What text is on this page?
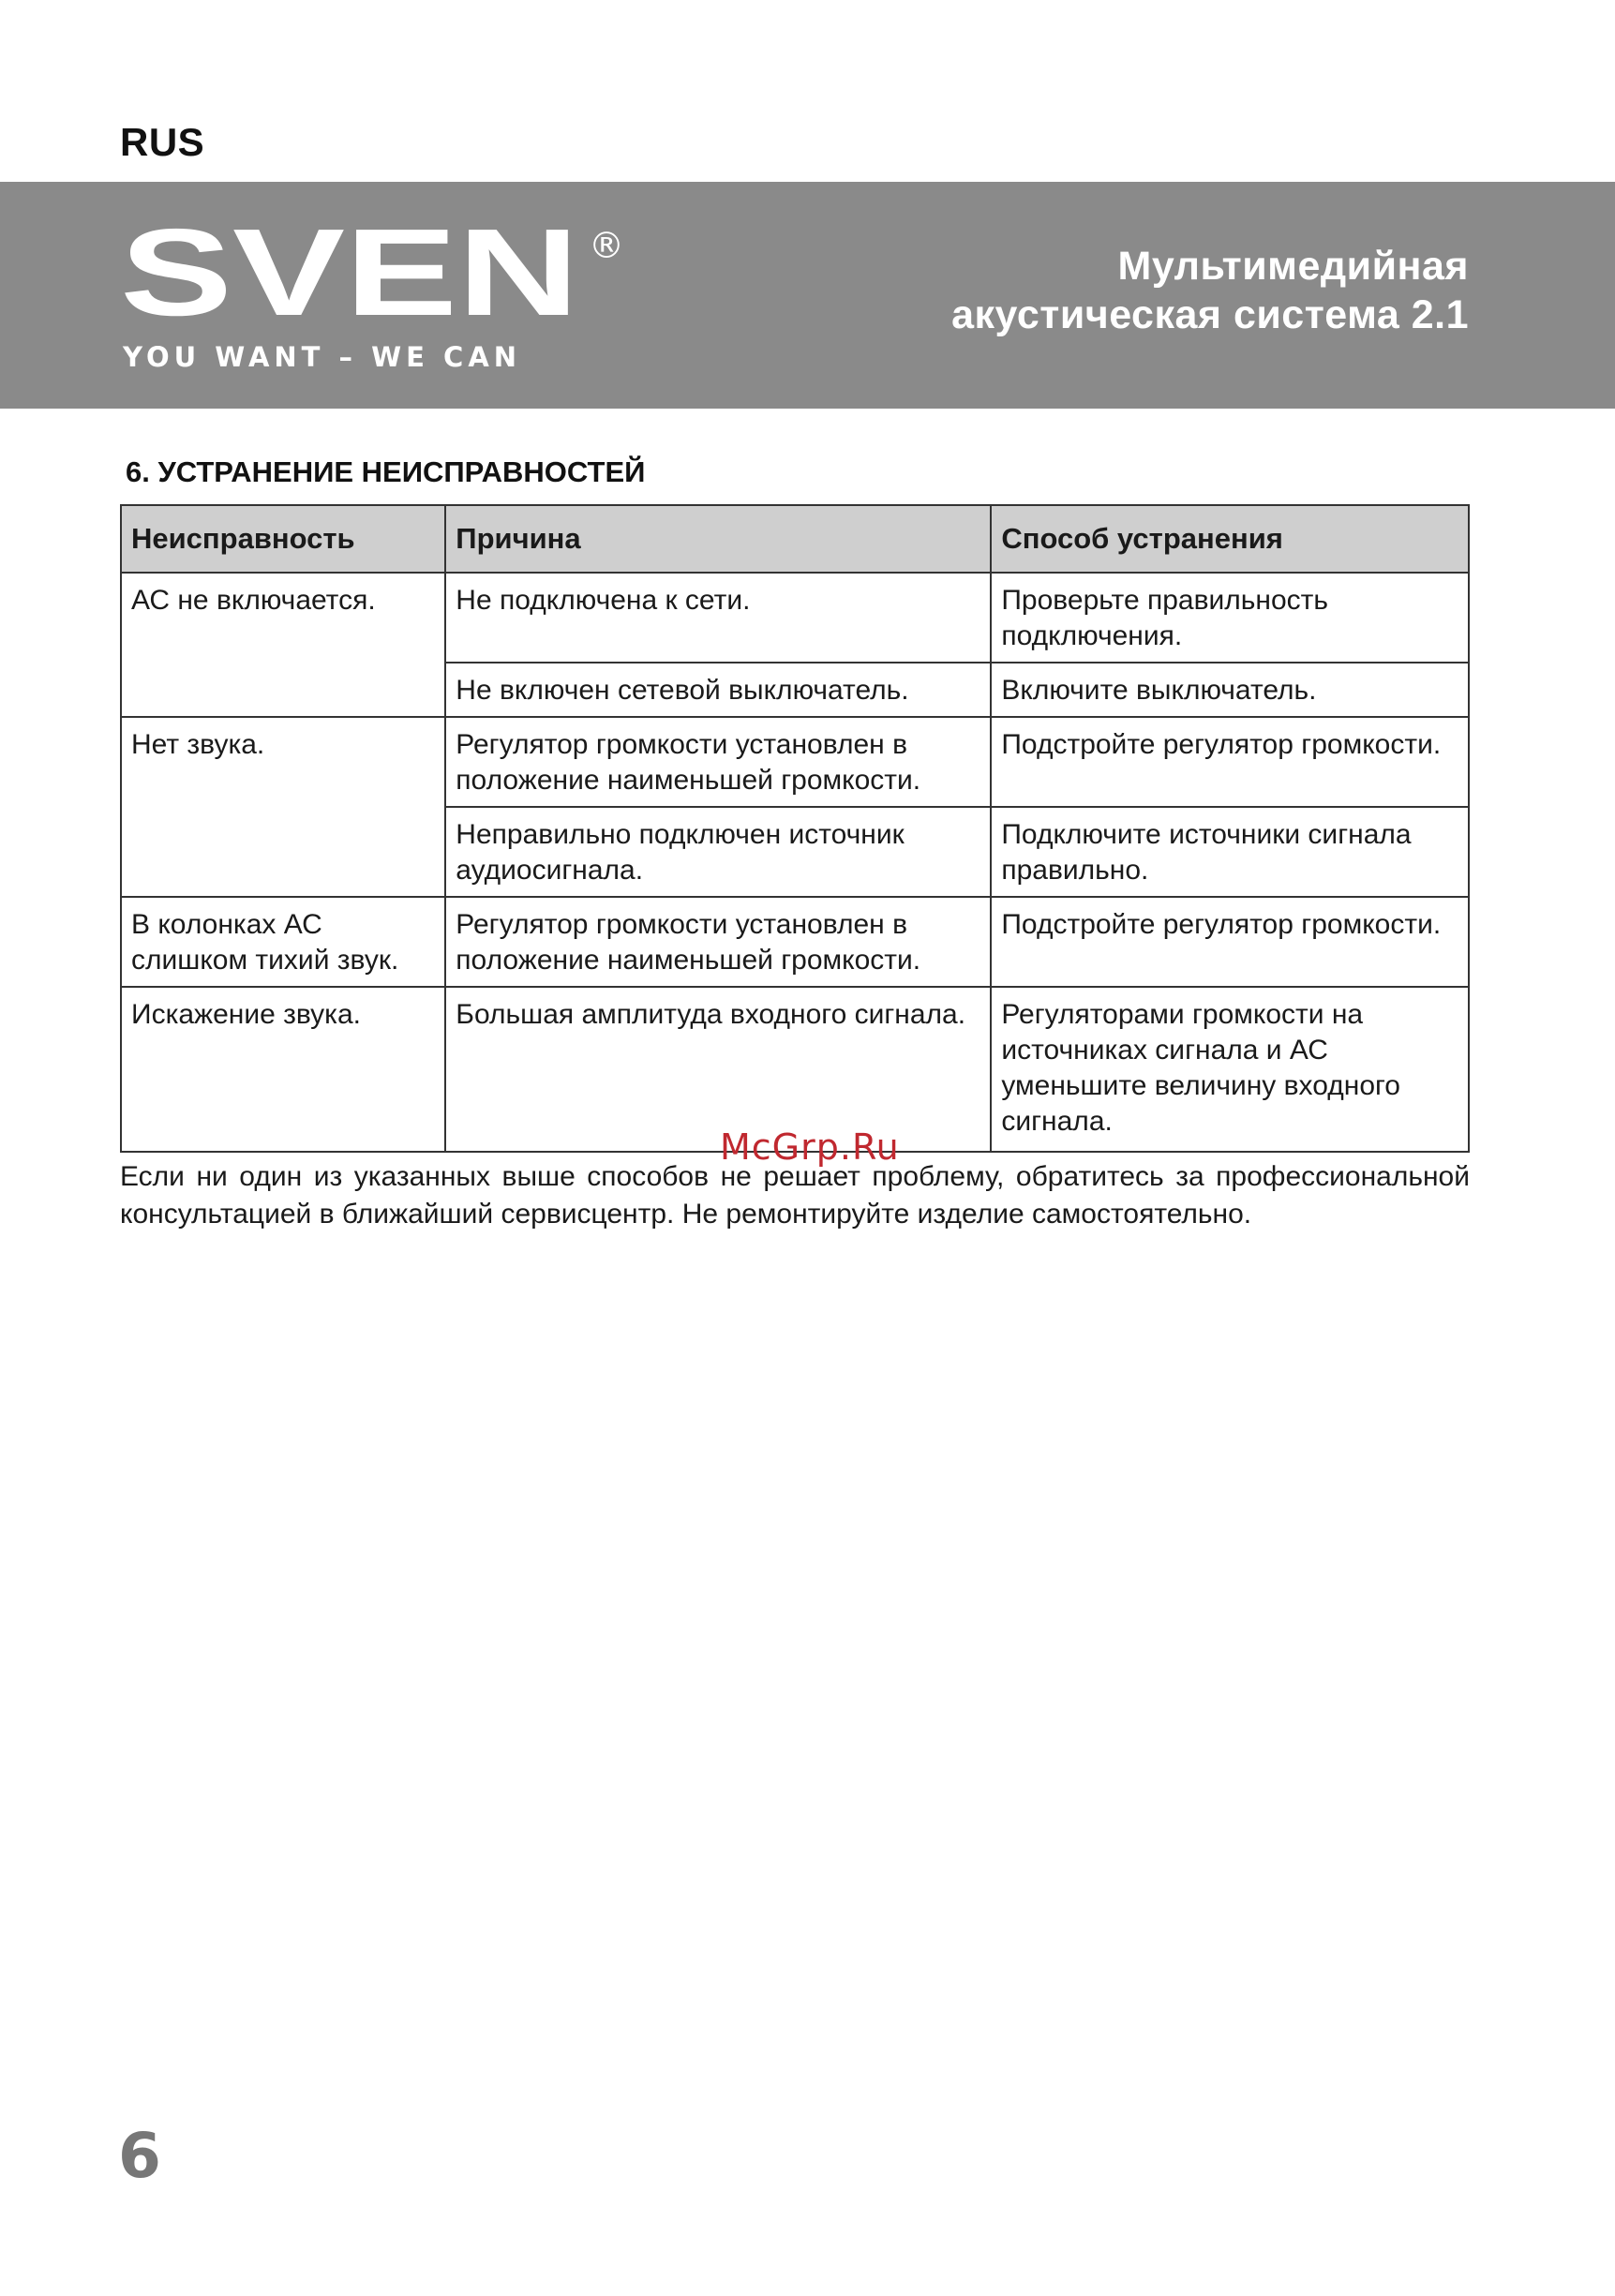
RUS
SVEN ®
YOU WANT – WE CAN
Мультимедийная
акустическая система 2.1
6. УСТРАНЕНИЕ НЕИСПРАВНОСТЕЙ
Неисправность	Причина	Способ устранения
АС не включается.	Не подключена к сети.	Проверьте правильность подключения.
	Не включен сетевой выключатель.	Включите выключатель.
Нет звука.	Регулятор громкости установлен в положение наименьшей громкости.	Подстройте регулятор громкости.
	Неправильно подключен источник аудиосигнала.	Подключите источники сигнала правильно.
В колонках АС слишком тихий звук.	Регулятор громкости установлен в положение наименьшей громкости.	Подстройте регулятор громкости.
Искажение звука.	Большая амплитуда входного сигнала.	Регуляторами громкости на источниках сигнала и АС уменьшите величину входного сигнала.
McGrp.Ru
Если ни один из указанных выше способов не решает проблему, обратитесь за профессиональной консультацией в ближайший сервисцентр. Не ремонтируйте изделие самостоятельно.
6
